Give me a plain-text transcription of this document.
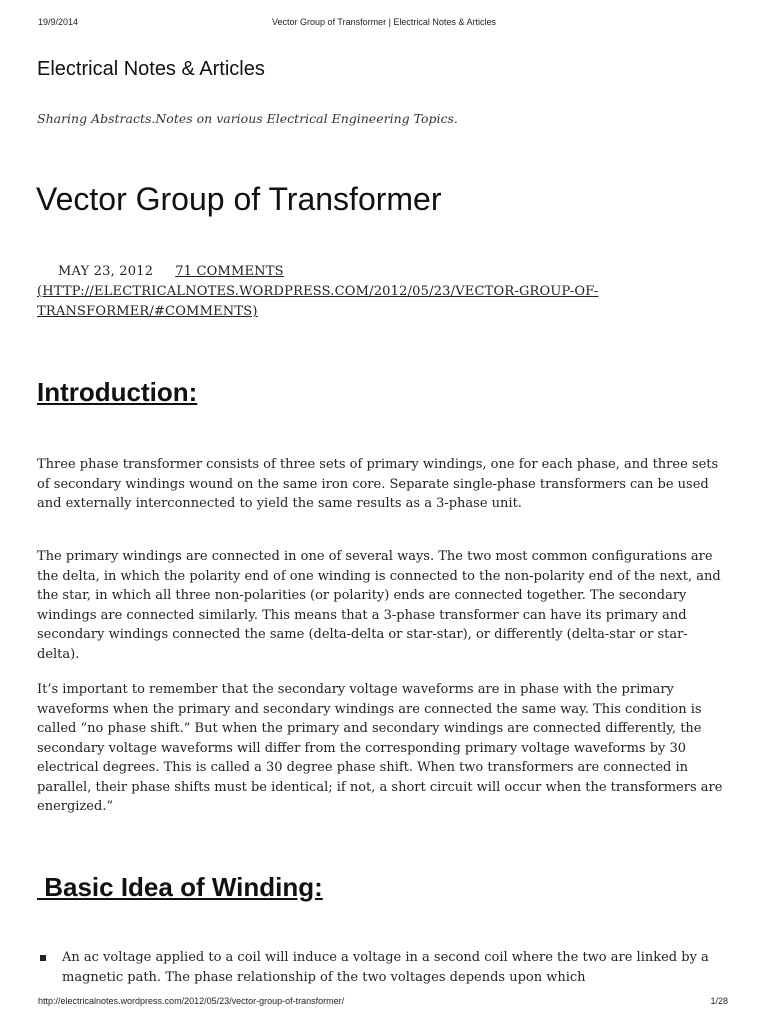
19/9/2014	Vector Group of Transformer | Electrical Notes & Articles
Electrical Notes & Articles

Sharing Abstracts.Notes on various Electrical Engineering Topics.

Vector Group of Transformer
MAY 23, 2012 71 COMMENTS
(HTTP://ELECTRICALNOTES.WORDPRESS.COM/2012/05/23/VECTOR-GROUP-OF-TRANSFORMER/#COMMENTS)
Introduction:

Three phase transformer consists of three sets of primary windings, one for each phase, and three sets of secondary windings wound on the same iron core. Separate single-phase transformers can be used and externally interconnected to yield the same results as a 3-phase unit.

The primary windings are connected in one of several ways. The two most common configurations are the delta, in which the polarity end of one winding is connected to the non-polarity end of the next, and the star, in which all three non-polarities (or polarity) ends are connected together. The secondary windings are connected similarly. This means that a 3-phase transformer can have its primary and secondary windings connected the same (delta-delta or star-star), or differently (delta-star or star-delta).

It’s important to remember that the secondary voltage waveforms are in phase with the primary waveforms when the primary and secondary windings are connected the same way. This condition is called “no phase shift.” But when the primary and secondary windings are connected differently, the secondary voltage waveforms will differ from the corresponding primary voltage waveforms by 30 electrical degrees. This is called a 30 degree phase shift. When two transformers are connected in parallel, their phase shifts must be identical; if not, a short circuit will occur when the transformers are energized.”

Basic Idea of Winding:
An ac voltage applied to a coil will induce a voltage in a second coil where the two are linked by a magnetic path. The phase relationship of the two voltages depends upon which
http://electricalnotes.wordpress.com/2012/05/23/vector-group-of-transformer/	1/28
